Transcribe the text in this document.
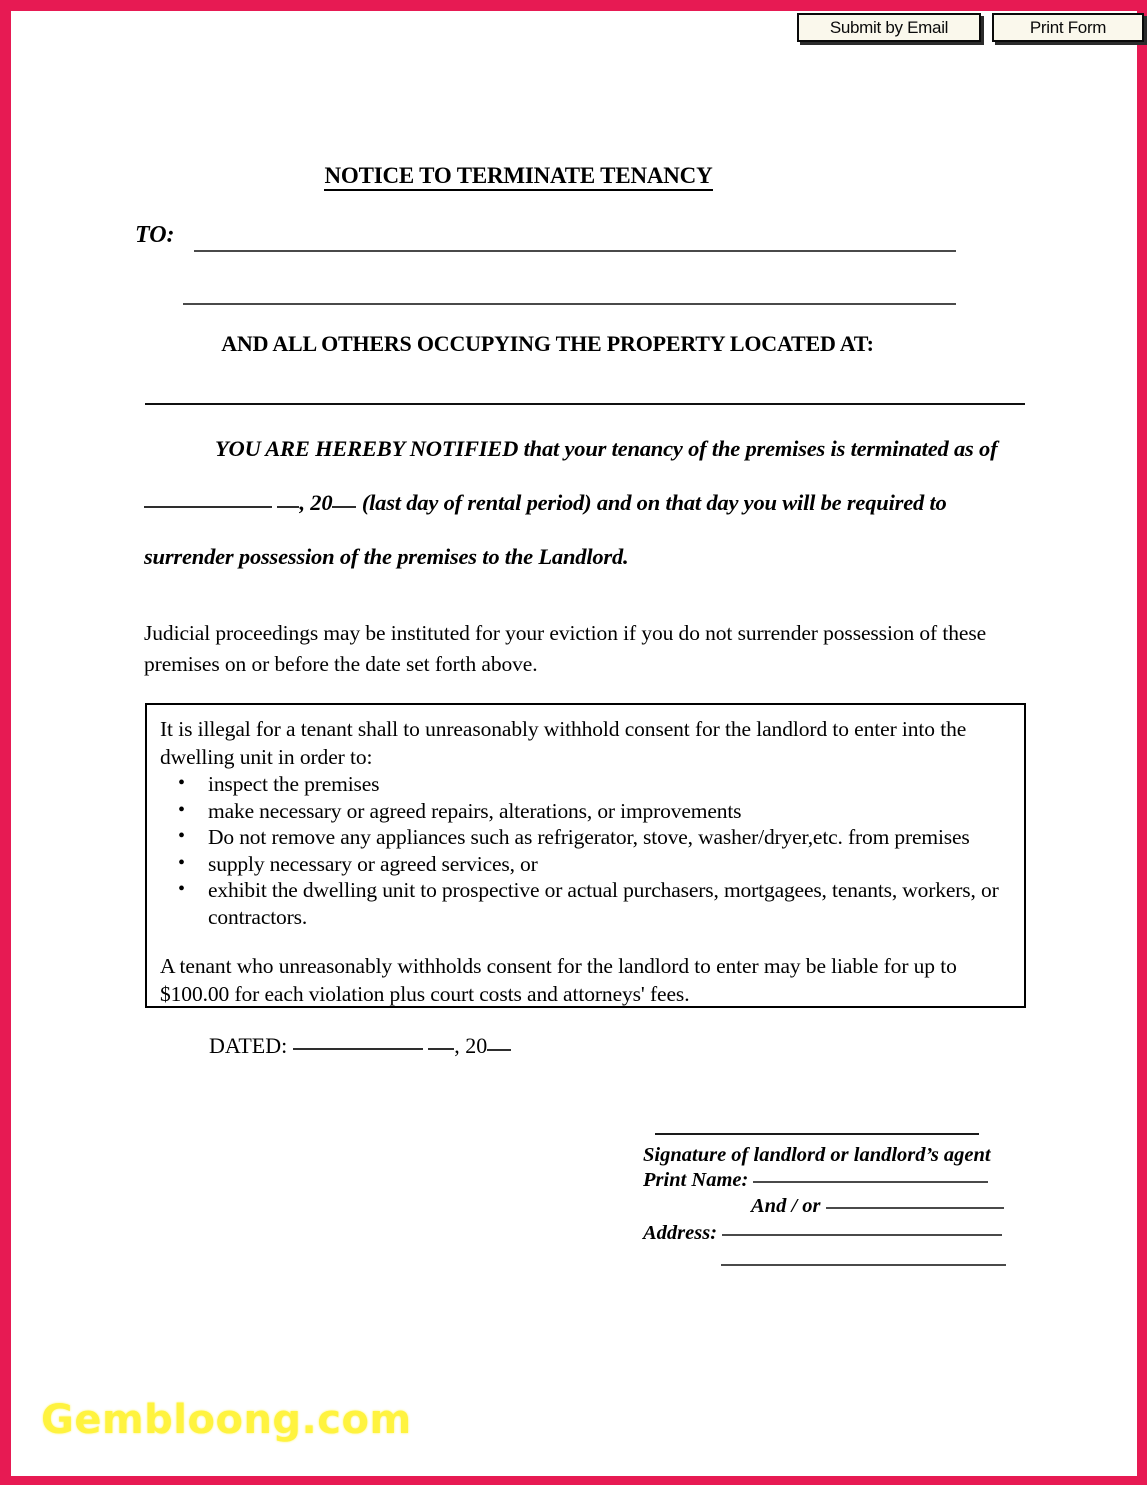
Submit by Email	Print Form
NOTICE TO TERMINATE TENANCY
TO:
AND ALL OTHERS OCCUPYING THE PROPERTY LOCATED AT:
YOU ARE HEREBY NOTIFIED that your tenancy of the premises is terminated as of
, 20 (last day of rental period) and on that day you will be required to
surrender possession of the premises to the Landlord.
Judicial proceedings may be instituted for your eviction if you do not surrender possession of these premises on or before the date set forth above.
It is illegal for a tenant shall to unreasonably withhold consent for the landlord to enter into the dwelling unit in order to:
• inspect the premises
• make necessary or agreed repairs, alterations, or improvements
• Do not remove any appliances such as refrigerator, stove, washer/dryer,etc. from premises
• supply necessary or agreed services, or
• exhibit the dwelling unit to prospective or actual purchasers, mortgagees, tenants, workers, or contractors.
A tenant who unreasonably withholds consent for the landlord to enter may be liable for up to $100.00 for each violation plus court costs and attorneys' fees.
DATED:	, 20
Signature of landlord or landlord’s agent
Print Name:
And / or
Address:
Gembloong.com
